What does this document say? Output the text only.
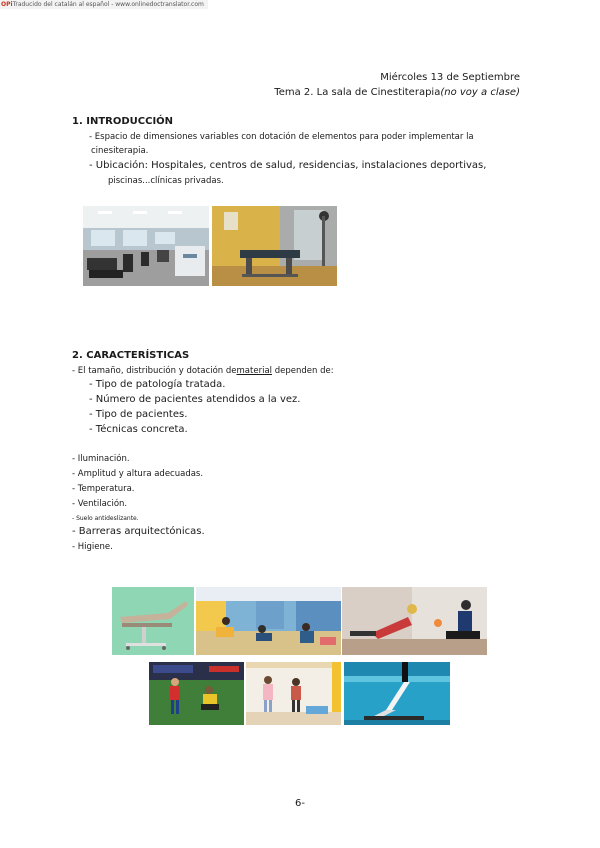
OPiTraducido del catalán al español - www.onlinedoctranslator.com
Miércoles 13 de Septiembre
Tema 2. La sala de Cinestiterapia(no voy a clase)
1. INTRODUCCIÓN
- Espacio de dimensiones variables con dotación de elementos para poder implementar la
cinesiterapia.
- Ubicación: Hospitales, centros de salud, residencias, instalaciones deportivas,
piscinas...clínicas privadas.
2. CARACTERÍSTICAS
- El tamaño, distribución y dotación dematerial dependen de:
- Tipo de patología tratada.
- Número de pacientes atendidos a la vez.
- Tipo de pacientes.
- Técnicas concreta.
- Iluminación.
- Amplitud y altura adecuadas.
- Temperatura.
- Ventilación.
- Suelo antideslizante.
- Barreras arquitectónicas.
- Higiene.
6-
